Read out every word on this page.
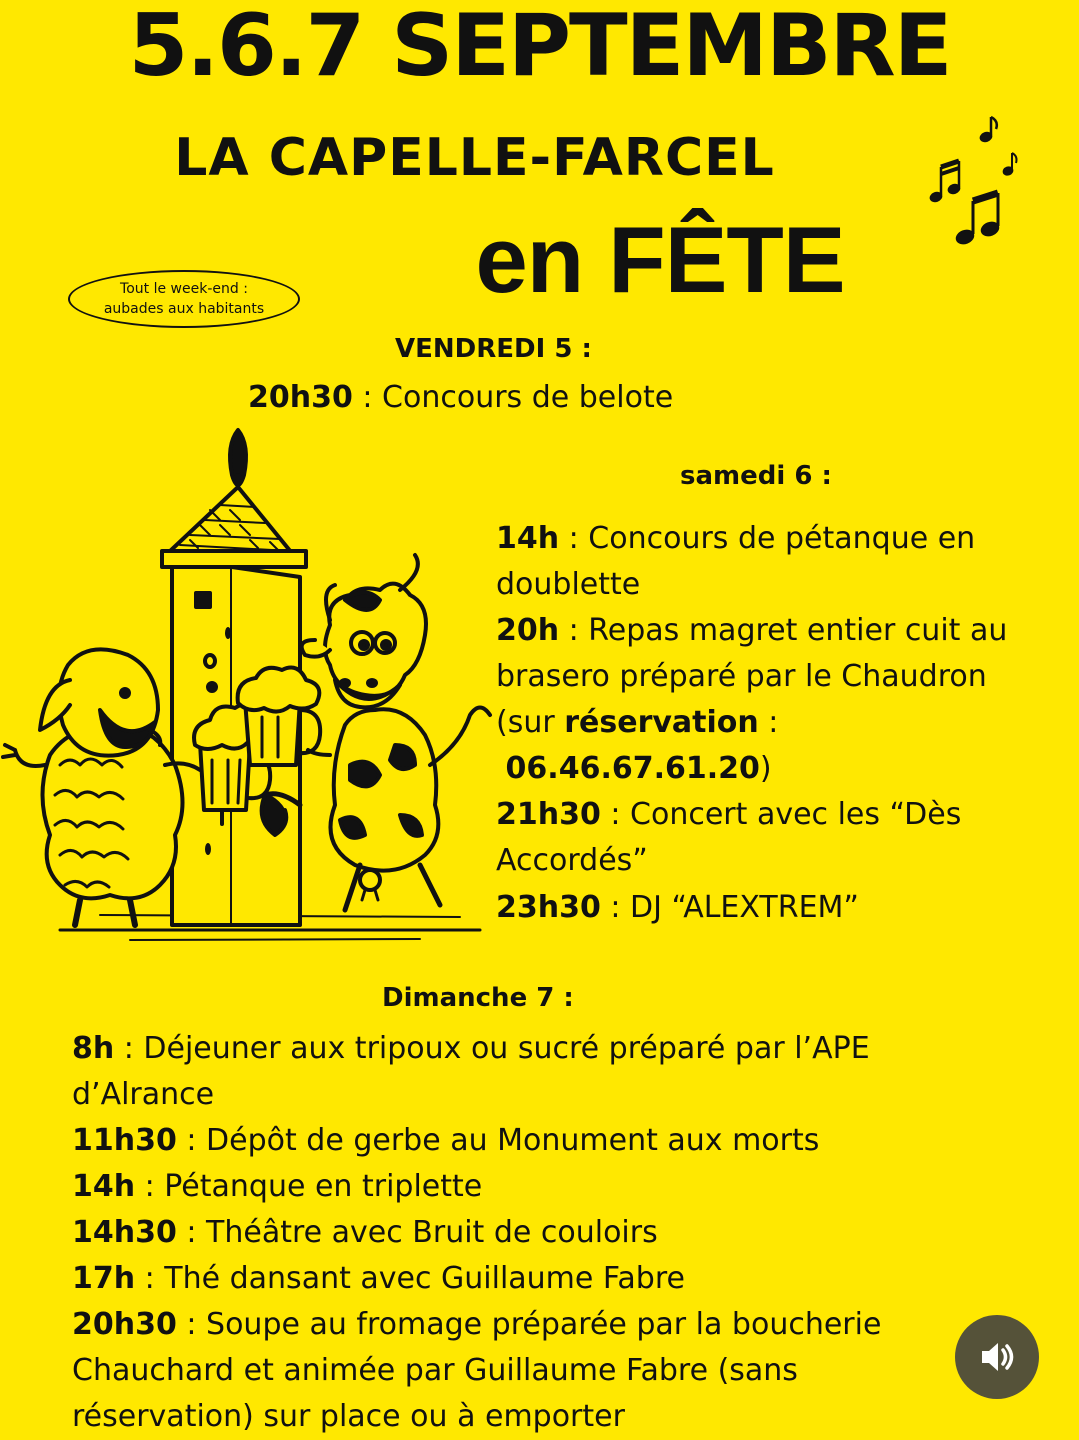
5.6.7 SEPTEMBRE
LA CAPELLE-FARCEL
en FÊTE
Tout le week-end :
aubades aux habitants
VENDREDI 5 :
20h30 : Concours de belote
samedi 6 :
14h : Concours de pétanque en doublette
20h : Repas magret entier cuit au brasero préparé par le Chaudron (sur réservation :
06.46.67.61.20)
21h30 : Concert avec les “Dès Accordés”
23h30 : DJ “ALEXTREM”
Dimanche 7 :
8h : Déjeuner aux tripoux ou sucré préparé par l’APE d’Alrance
11h30 : Dépôt de gerbe au Monument aux morts
14h : Pétanque en triplette
14h30 : Théâtre avec Bruit de couloirs
17h : Thé dansant avec Guillaume Fabre
20h30 : Soupe au fromage préparée par la boucherie Chauchard et animée par Guillaume Fabre (sans réservation) sur place ou à emporter
